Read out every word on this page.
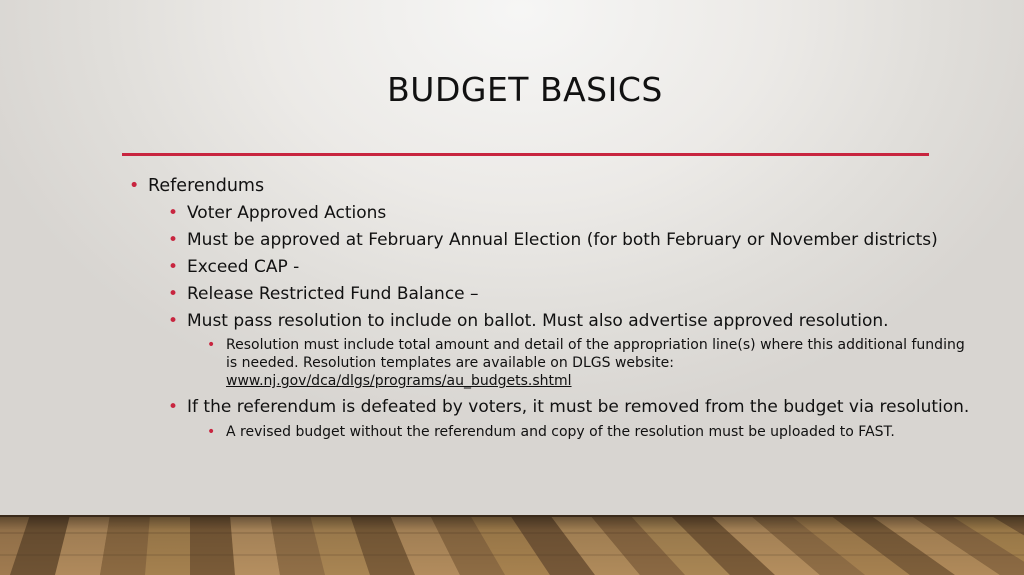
BUDGET BASICS
• Referendums
• Voter Approved Actions
• Must be approved at February Annual Election (for both February or November districts)
• Exceed CAP -
• Release Restricted Fund Balance –
• Must pass resolution to include on ballot. Must also advertise approved resolution.
• Resolution must include total amount and detail of the appropriation line(s) where this additional funding
is needed. Resolution templates are available on DLGS website:
www.nj.gov/dca/dlgs/programs/au_budgets.shtml
• If the referendum is defeated by voters, it must be removed from the budget via resolution.
• A revised budget without the referendum and copy of the resolution must be uploaded to FAST.
